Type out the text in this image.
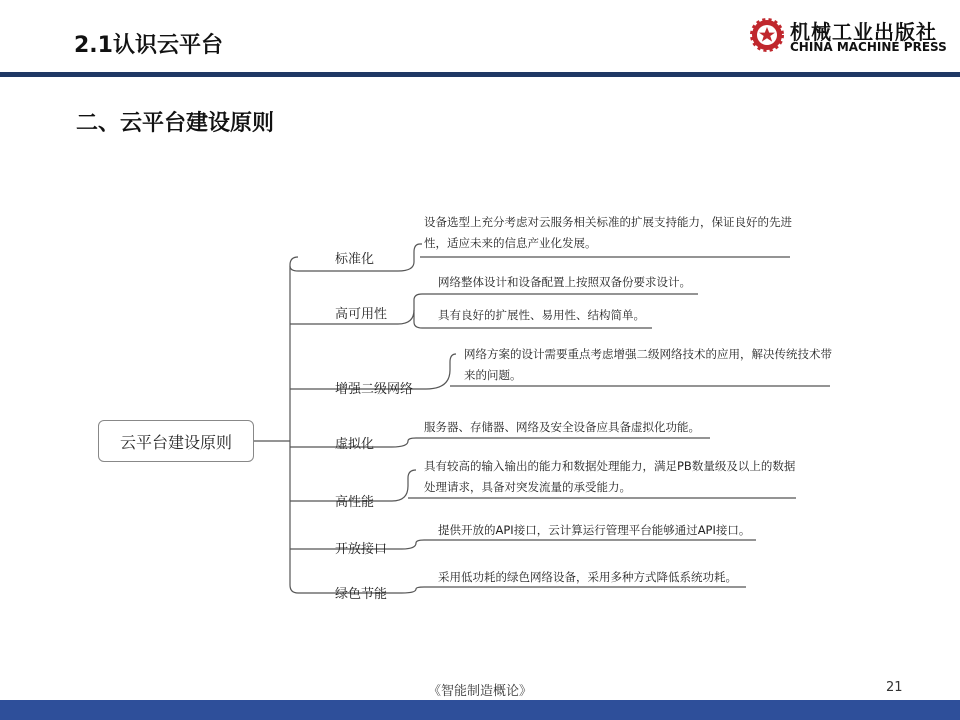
2.1认识云平台
机械工业出版社
CHINA MACHINE PRESS
二、云平台建设原则
云平台建设原则
标准化
高可用性
增强二级网络
虚拟化
高性能
开放接口
绿色节能
设备选型上充分考虑对云服务相关标准的扩展支持能力，保证良好的先进性，适应未来的信息产业化发展。
网络整体设计和设备配置上按照双备份要求设计。
具有良好的扩展性、易用性、结构简单。
网络方案的设计需要重点考虑增强二级网络技术的应用，解决传统技术带来的问题。
服务器、存储器、网络及安全设备应具备虚拟化功能。
具有较高的输入输出的能力和数据处理能力，满足PB数量级及以上的数据处理请求，具备对突发流量的承受能力。
提供开放的API接口，云计算运行管理平台能够通过API接口。
采用低功耗的绿色网络设备，采用多种方式降低系统功耗。
《智能制造概论》	21
